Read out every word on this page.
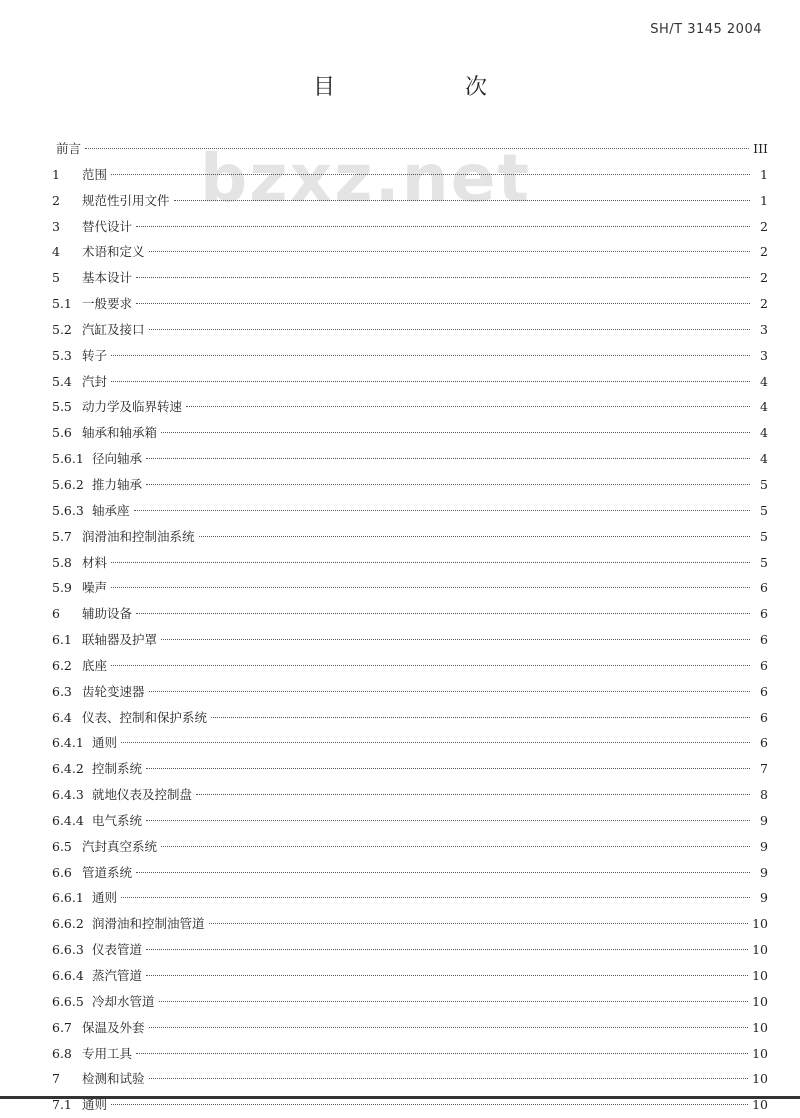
SH/T 3145 2004
目	次
bzxz.net
前言	III
1	范围	1
2	规范性引用文件	1
3	替代设计	2
4	术语和定义	2
5	基本设计	2
5.1 一般要求	2
5.2 汽缸及接口	3
5.3 转子	3
5.4 汽封	4
5.5 动力学及临界转速	4
5.6 轴承和轴承箱	4
5.6.1 径向轴承	4
5.6.2 推力轴承	5
5.6.3 轴承座	5
5.7 润滑油和控制油系统	5
5.8 材料	5
5.9 噪声	6
6	辅助设备	6
6.1 联轴器及护罩	6
6.2 底座	6
6.3 齿轮变速器	6
6.4 仪表、控制和保护系统	6
6.4.1 通则	6
6.4.2 控制系统	7
6.4.3 就地仪表及控制盘	8
6.4.4 电气系统	9
6.5 汽封真空系统	9
6.6 管道系统	9
6.6.1 通则	9
6.6.2 润滑油和控制油管道	10
6.6.3 仪表管道	10
6.6.4 蒸汽管道	10
6.6.5 冷却水管道	10
6.7 保温及外套	10
6.8 专用工具	10
7	检测和试验	10
7.1 通则	10
